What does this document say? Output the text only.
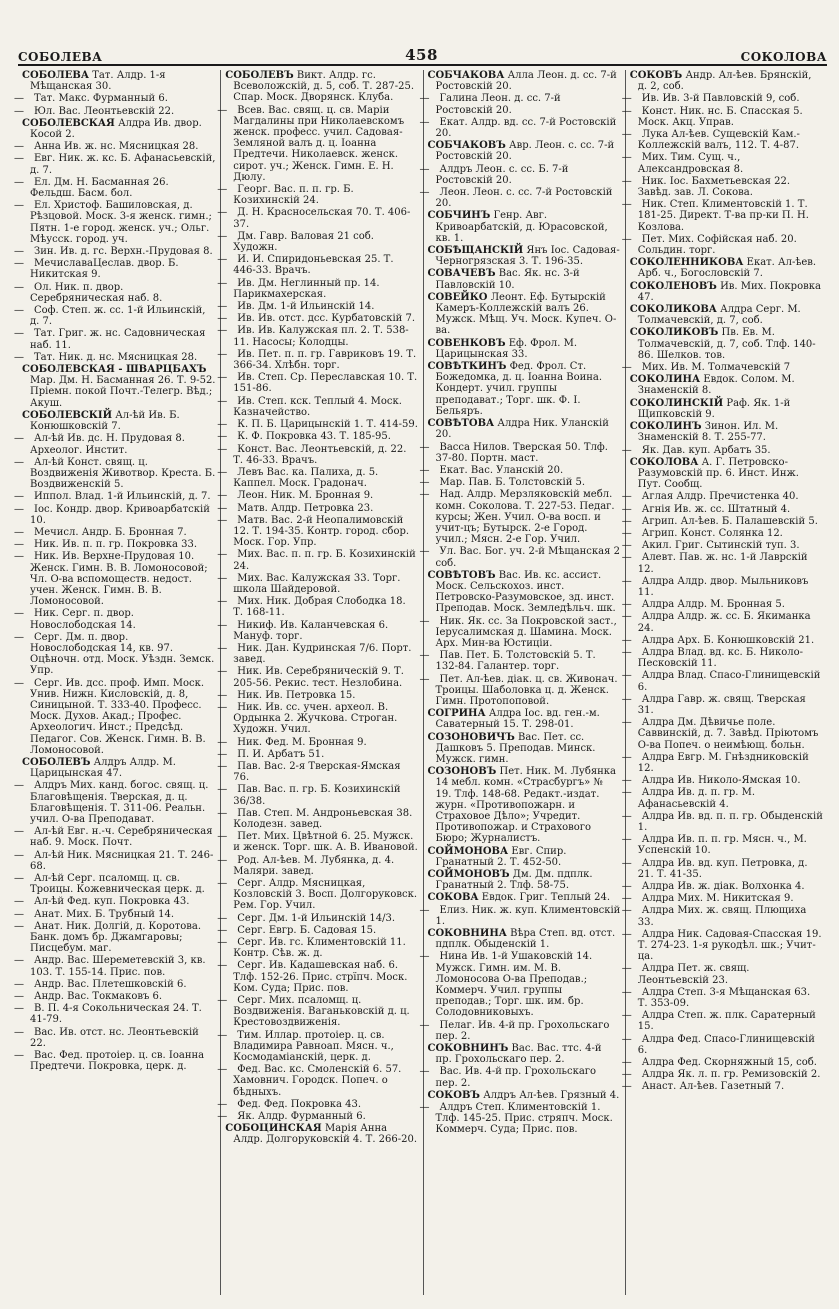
СОБОЛЕВА	458	СОКОЛОВА
СОБОЛЕВА Тат. Алдр. 1-я Мѣщанская 30.
— Тат. Макс. Фурманный 6.
— Юл. Вас. Леонтьевскій 22.
СОБОЛЕВСКАЯ Алдра Ив. двор. Косой 2.
— Анна Ив. ж. нс. Мясницкая 28.
— Евг. Ник. ж. кс. Б. Афанасьевскій, д. 7.
— Ел. Дм. Н. Басманная 26. Фельдш. Басм. бол.
— Ел. Христоф. Башиловская, д. Рѣзцовой. Моск. 3-я женск. гимн.; Пятн. 1-е город. женск. уч.; Ольг. Мѣусск. город. уч.
— Зин. Ив. д. гс. Верхн.-Прудовая 8.
— МечиславаЦеслав. двор. Б. Никитская 9.
— Ол. Ник. п. двор. Серебряническая наб. 8.
— Соф. Степ. ж. сс. 1-й Ильинскій, д. 7.
— Тат. Григ. ж. нс. Садовническая наб. 11.
— Тат. Ник. д. нс. Мясницкая 28.
СОБОЛЕВСКАЯ - ШВАРЦБАХЪ Мар. Дм. Н. Басманная 26. Т. 9-52. Пріемн. покой Почт.-Телегр. Вѣд.; Акуш.
СОБОЛЕВСКІЙ Ал-ѣй Ив. Б. Конюшковскій 7.
— Ал-ѣй Ив. дс. Н. Прудовая 8. Археолог. Инстит.
— Ал-ѣй Конст. свящ. ц. Воздвиженія Животвор. Креста. Б. Воздвиженскій 5.
— Иппол. Влад. 1-й Ильинскій, д. 7.
— Іос. Кондр. двор. Кривоарбатскій 10.
— Мечисл. Андр. Б. Бронная 7.
— Ник. Ив. п. п. гр. Покровка 33.
— Ник. Ив. Верхне-Прудовая 10. Женск. Гимн. В. В. Ломоносовой; Чл. О-ва вспомоществ. недост. учен. Женск. Гимн. В. В. Ломоносовой.
— Ник. Серг. п. двор. Новослободская 14.
— Серг. Дм. п. двор. Новослободская 14, кв. 97. Оцѣночн. отд. Моск. Уѣздн. Земск. Упр.
— Серг. Ив. дсс. проф. Имп. Моск. Унив. Нижн. Кисловскій, д. 8, Синицыной. Т. 333-40. Професс. Моск. Духов. Акад.; Профес. Археологич. Инст.; Предсѣд. Педагог. Сов. Женск. Гимн. В. В. Ломоносовой.
СОБОЛЕВЪ Алдръ Алдр. М. Царицынская 47.
— Алдръ Мих. канд. богос. свящ. ц. Благовѣщенія. Тверская, д. ц. Благовѣщенія. Т. 311-06. Реальн. учил. О-ва Преподават.
— Ал-ѣй Евг. н.-ч. Серебряническая наб. 9. Моск. Почт.
— Ал-ѣй Ник. Мясницкая 21. Т. 246-68.
— Ал-ѣй Серг. псаломщ. ц. св. Троицы. Кожевническая церк. д.
— Ал-ѣй Фед. куп. Покровка 43.
— Анат. Мих. Б. Трубный 14.
— Анат. Ник. Долгій, д. Коротова. Банк. домъ бр. Джамгаровы; Писцебум. маг.
— Андр. Вас. Шереметевскій 3, кв. 103. Т. 155-14. Прис. пов.
— Андр. Вас. Плетешковскій 6.
— Андр. Вас. Токмаковъ 6.
— В. П. 4-я Сокольническая 24. Т. 41-79.
— Вас. Ив. отст. нс. Леонтьевскій 22.
— Вас. Фед. протоіер. ц. св. Іоанна Предтечи. Покровка, церк. д.
СОБОЛЕВЪ Викт. Алдр. гс. Всеволожскій, д. 5, соб. Т. 287-25. Спар. Моск. Дворянск. Клуба.
— Всев. Вас. свящ. ц. св. Маріи Магдалины при Николаевскомъ женск. професс. учил. Садовая-Земляной валъ д. ц. Іоанна Предтечи. Николаевск. женск. сирот. уч.; Женск. Гимн. Е. Н. Дюлу.
— Георг. Вас. п. п. гр. Б. Козихинскій 24.
— Д. Н. Красносельская 70. Т. 406-37.
— Дм. Гавр. Валовая 21 соб. Художн.
— И. И. Спиридоньевская 25. Т. 446-33. Врачъ.
— Ив. Дм. Неглинный пр. 14. Парикмахерская.
— Ив. Дм. 1-й Ильинскій 14.
— Ив. Ив. отст. дсс. Курбатовскій 7.
— Ив. Ив. Калужская пл. 2. Т. 538-11. Насосы; Колодцы.
— Ив. Пет. п. п. гр. Гавриковъ 19. Т. 366-34. Хлѣбн. торг.
— Ив. Степ. Ср. Переславская 10. Т. 151-86.
— Ив. Степ. кск. Теплый 4. Моск. Казначейство.
— К. П. Б. Царицынскій 1. Т. 414-59.
— К. Ф. Покровка 43. Т. 185-95.
— Конст. Вас. Леонтьевскій, д. 22. Т. 46-33. Врачъ.
— Левъ Вас. ка. Палиха, д. 5. Каппел. Моск. Градонач.
— Леон. Ник. М. Бронная 9.
— Матв. Алдр. Петровка 23.
— Матв. Вас. 2-й Неопалимовскій 12. Т. 194-35. Контр. город. сбор. Моск. Гор. Упр.
— Мих. Вас. п. п. гр. Б. Козихинскій 24.
— Мих. Вас. Калужская 33. Торг. школа Шайдеровой.
— Мих. Ник. Добрая Слободка 18. Т. 168-11.
— Никиф. Ив. Каланчевская 6. Мануф. торг.
— Ник. Дан. Кудринская 7/6. Порт. завед.
— Ник. Ив. Серебряническій 9. Т. 205-56. Рекис. тест. Незлобина.
— Ник. Ив. Петровка 15.
— Ник. Ив. сс. учен. археол. В. Ордынка 2. Жучкова. Строган. Художн. Учил.
— Ник. Фед. М. Бронная 9.
— П. И. Арбатъ 51.
— Пав. Вас. 2-я Тверская-Ямская 76.
— Пав. Вас. п. гр. Б. Козихинскій 36/38.
— Пав. Степ. М. Андроньевская 38. Колодезн. завед.
— Пет. Мих. Цвѣтной 6. 25. Мужск. и женск. Торг. шк. А. В. Ивановой.
— Род. Ал-ѣев. М. Лубянка, д. 4. Маляри. завед.
— Серг. Алдр. Мясницкая, Козловскій 3. Восп. Долгоруковск. Рем. Гор. Учил.
— Серг. Дм. 1-й Ильинскій 14/3.
— Серг. Евгр. Б. Садовая 15.
— Серг. Ив. гс. Климентовскій 11. Контр. Сѣв. ж. д.
— Серг. Ив. Кадашевская наб. 6. Тлф. 152-26. Прис. стрїпч. Моск. Ком. Суда; Прис. пов.
— Серг. Мих. псаломщ. ц. Воздвиженія. Ваганьковскій д. ц. Крестовоздвиженія.
— Тим. Иллар. протоіер. ц. св. Владимира Равноап. Мясн. ч., Космодаміанскій, церк. д.
— Фед. Вас. кс. Смоленскій 6. 57. Хамовнич. Городск. Попеч. о бѣдныхъ.
— Фед. Фед. Покровка 43.
— Як. Алдр. Фурманный 6.
СОБОЦИНСКАЯ Марія Анна Алдр. Долгоруковскій 4. Т. 266-20.
СОБЧАКОВА Алла Леон. д. сс. 7-й Ростовскій 20.
— Галина Леон. д. сс. 7-й Ростовскій 20.
— Екат. Алдр. вд. сс. 7-й Ростовскій 20.
СОБЧАКОВЪ Авр. Леон. с. сс. 7-й Ростовскій 20.
— Алдръ Леон. с. сс. Б. 7-й Ростовскій 20.
— Леон. Леон. с. сс. 7-й Ростовскій 20.
СОБЧИНЪ Генр. Авг. Кривоарбатскій, д. Юрасовской, кв. 1.
СОБѢЩАНСКІЙ Янъ Іос. Садовая-Черногрязская 3. Т. 196-35.
СОВАЧЕВЪ Вас. Як. нс. 3-й Павловскій 10.
СОВЕЙКО Леонт. Еф. Бутырскій Камеръ-Коллежскій валъ 26. Мужск. Мѣщ. Уч. Моск. Купеч. О-ва.
СОВЕНКОВЪ Еф. Фрол. М. Царицынская 33.
СОВѢТКИНЪ Фед. Фрол. Ст. Божедомка, д. ц. Іоанна Воина. Кондерт. учил. группы преподават.; Торг. шк. Ф. І. Бельяръ.
СОВѢТОВА Алдра Ник. Уланскій 20.
— Васса Нилов. Тверская 50. Тлф. 37-80. Портн. маст.
— Екат. Вас. Уланскій 20.
— Мар. Пав. Б. Толстовскій 5.
— Над. Алдр. Мерзляковскій мебл. комн. Соколова. Т. 227-53. Педаг. курсы; Жен. Учил. О-ва восп. и учит-цъ; Бутырск. 2-е Город. учил.; Мясн. 2-е Гор. Учил.
— Ул. Вас. Бог. уч. 2-й Мѣщанская 2 соб.
СОВѢТОВЪ Вас. Ив. кс. ассист. Моск. Сельскохоз. инст. Петровско-Разумовское, зд. инст. Преподав. Моск. Земледѣльч. шк.
— Ник. Як. сс. За Покровской заст., Іерусалимская д. Шамина. Моск. Арх. Мин-ва Юстиціи.
— Пав. Пет. Б. Толстовскій 5. Т. 132-84. Галантер. торг.
— Пет. Ал-ѣев. діак. ц. св. Живонач. Троицы. Шаболовка ц. д. Женск. Гимн. Протопоповой.
СОГРИНА Алдра Іос. вд. ген.-м. Саватерный 15. Т. 298-01.
СОЗОНОВИЧЪ Вас. Пет. сс. Дашковъ 5. Преподав. Минск. Мужск. гимн.
СОЗОНОВЪ Пет. Ник. М. Лубянка 14 мебл. комн. «Страсбургъ» № 19. Тлф. 148-68. Редакт.-издат. журн. «Противопожарн. и Страховое Дѣло»; Учредит. Противопожар. и Страхового Бюро; Журналистъ.
СОЙМОНОВА Евг. Спир. Гранатный 2. Т. 452-50.
СОЙМОНОВЪ Дм. Дм. пдплк. Гранатный 2. Тлф. 58-75.
СОКОВА Евдок. Григ. Теплый 24.
— Елиз. Ник. ж. куп. Климентовскій 1.
СОКОВНИНА Вѣра Степ. вд. отст. пдплк. Обыденскій 1.
— Нина Ив. 1-й Ушаковскій 14. Мужск. Гимн. им. М. В. Ломоносова О-ва Преподав.; Коммерч. Учил. группы преподав.; Торг. шк. им. бр. Солодовниковыхъ.
— Пелаг. Ив. 4-й пр. Грохольскаго пер. 2.
СОКОВНИНЪ Вас. Вас. ттс. 4-й пр. Грохольскаго пер. 2.
— Вас. Ив. 4-й пр. Грохольскаго пер. 2.
СОКОВЪ Алдръ Ал-ѣев. Грязный 4.
— Алдръ Степ. Климентовскій 1. Тлф. 145-25. Прис. стряпч. Моск. Коммерч. Суда; Прис. пов.
СОКОВЪ Андр. Ал-ѣев. Брянскій, д. 2, соб.
— Ив. Ив. 3-й Павловскій 9, соб.
— Конст. Ник. нс. Б. Спасская 5. Моск. Акц. Управ.
— Лука Ал-ѣев. Сущевскій Кам.-Коллежскій валъ, 112. Т. 4-87.
— Мих. Тим. Сущ. ч., Александровская 8.
— Ник. Іос. Бахметьевская 22. Завѣд. зав. Л. Сокова.
— Ник. Степ. Климентовскій 1. Т. 181-25. Директ. Т-ва пр-ки П. Н. Козлова.
— Пет. Мих. Софійская наб. 20. Сольдин. торг.
СОКОЛЕННИКОВА Екат. Ал-ѣев. Арб. ч., Богословскій 7.
СОКОЛЕНОВЪ Ив. Мих. Покровка 47.
СОКОЛИКОВА Алдра Серг. М. Толмачевскій, д. 7, соб.
СОКОЛИКОВЪ Пв. Ев. М. Толмачевскій, д. 7, соб. Тлф. 140-86. Шелков. тов.
— Мих. Ив. М. Толмачевскій 7
СОКОЛИНА Евдок. Солом. М. Знаменскій 8.
СОКОЛИНСКІЙ Раф. Як. 1-й Щипковскій 9.
СОКОЛИНЪ Зинон. Ил. М. Знаменскій 8. Т. 255-77.
— Як. Дав. куп. Арбатъ 35.
СОКОЛОВА А. Г. Петровско-Разумовскій пр. 6. Инст. Инж. Пут. Сообщ.
— Аглая Алдр. Пречистенка 40.
— Агнія Ив. ж. сс. Штатный 4.
— Агрип. Ал-ѣев. Б. Палашевскій 5.
— Агрип. Конст. Солянка 12.
— Акил. Григ. Сытинскій туп. 3.
— Алевт. Пав. ж. нс. 1-й Лаврскій 12.
— Алдра Алдр. двор. Мыльниковъ 11.
— Алдра Алдр. М. Бронная 5.
— Алдра Алдр. ж. сс. Б. Якиманка 24.
— Алдра Арх. Б. Конюшковскій 21.
— Алдра Влад. вд. кс. Б. Николо-Песковскій 11.
— Алдра Влад. Спасо-Глинищевскій 6.
— Алдра Гавр. ж. свящ. Тверская 31.
— Алдра Дм. Дѣвичье поле. Саввинскій, д. 7. Завѣд. Пріютомъ О-ва Попеч. о неимѣющ. больн.
— Алдра Евгр. М. Гнѣздниковскій 12.
— Алдра Ив. Николо-Ямская 10.
— Алдра Ив. д. п. гр. М. Афанасьевскій 4.
— Алдра Ив. вд. п. п. гр. Обыденскій 1.
— Алдра Ив. п. п. гр. Мясн. ч., М. Успенскій 10.
— Алдра Ив. вд. куп. Петровка, д. 21. Т. 41-35.
— Алдра Ив. ж. діак. Волхонка 4.
— Алдра Мих. М. Никитская 9.
— Алдра Мих. ж. свящ. Плющиха 33.
— Алдра Ник. Садовая-Спасская 19. Т. 274-23. 1-я рукодѣл. шк.; Учит-ца.
— Алдра Пет. ж. свящ. Леонтьевскій 23.
— Алдра Степ. 3-я Мѣщанская 63. Т. 353-09.
— Алдра Степ. ж. плк. Саратерный 15.
— Алдра Фед. Спасо-Глинищевскій 6.
— Алдра Фед. Скорняжный 15, соб.
— Алдра Як. л. п. гр. Ремизовскій 2.
— Анаст. Ал-ѣев. Газетный 7.
